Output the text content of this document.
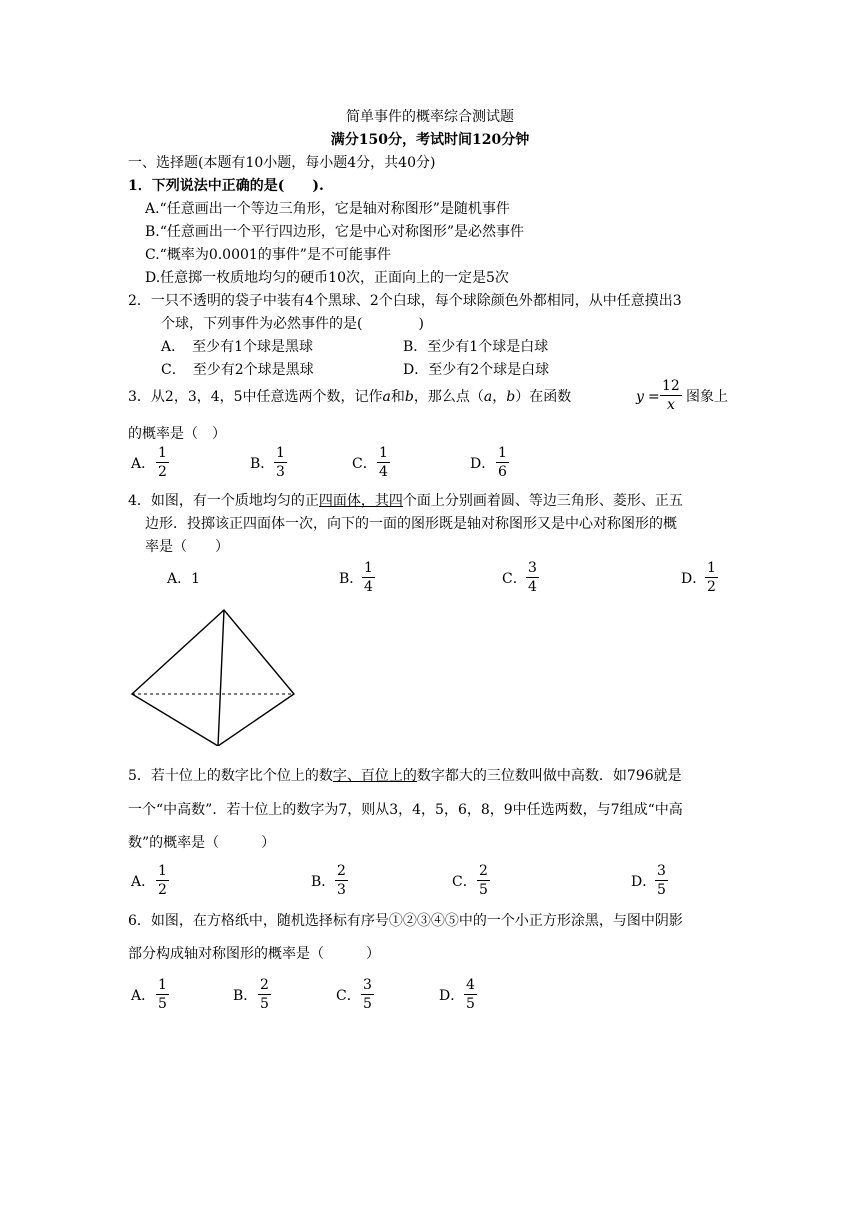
简单事件的概率综合测试题
满分150分，考试时间120分钟
一、选择题(本题有10小题，每小题4分，共40分)
1．下列说法中正确的是(　　).
A.“任意画出一个等边三角形，它是轴对称图形”是随机事件
B.“任意画出一个平行四边形，它是中心对称图形”是必然事件
C.“概率为0.0001的事件”是不可能事件
D.任意掷一枚质地均匀的硬币10次，正面向上的一定是5次
2．一只不透明的袋子中装有4个黑球、2个白球，每个球除颜色外都相同，从中任意摸出3
个球，下列事件为必然事件的是(　　　　)
A．　至少有1个球是黑球	B．至少有1个球是白球
C．　至少有2个球是黑球	D．至少有2个球是白球
3．从2，3，4，5中任意选两个数，记作a和b，那么点（a，b）在函数	y =
12
x 图象上
的概率是（　）
A．
1
2	B．
1
3	C．
1
4	D．
1
6
4．如图，有一个质地均匀的正四面体，其四个面上分别画着圆、等边三角形、菱形、正五
边形．投掷该正四面体一次，向下的一面的图形既是轴对称图形又是中心对称图形的概
率是（　　）
A．1	B．
1
4	C．
3
4	D．
1
2
5．若十位上的数字比个位上的数字、百位上的数字都大的三位数叫做中高数．如796就是
一个“中高数”．若十位上的数字为7，则从3，4，5，6，8，9中任选两数，与7组成“中高
数”的概率是（　　　）
A．
1
2	B．
2
3	C．
2
5	D．
3
5
6．如图，在方格纸中，随机选择标有序号①②③④⑤中的一个小正方形涂黑，与图中阴影
部分构成轴对称图形的概率是（　　　）
A．
1
5	B．
2
5	C．
3
5	D．
4
5
